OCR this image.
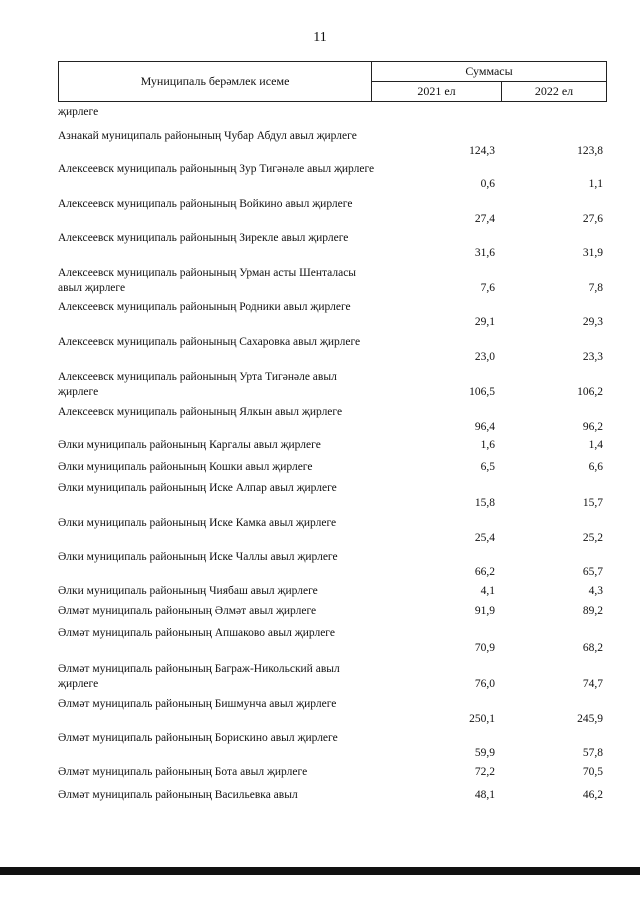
11
Муниципаль берәмлек исеме
Суммасы
2021 ел	2022 ел
җирлеге
Азнакай муниципаль районының Чубар Абдул авыл җирлеге
124,3	123,8
Алексеевск муниципаль районының Зур Тигәнәле авыл җирлеге
0,6	1,1
Алексеевск муниципаль районының Войкино авыл җирлеге
27,4	27,6
Алексеевск муниципаль районының Зирекле авыл җирлеге
31,6	31,9
Алексеевск муниципаль районының Урман асты Шенталасы авыл җирлеге	7,6	7,8
Алексеевск муниципаль районының Родники авыл җирлеге
29,1	29,3
Алексеевск муниципаль районының Сахаровка авыл җирлеге
23,0	23,3
Алексеевск муниципаль районының Урта Тигәнәле авыл җирлеге	106,5	106,2
Алексеевск муниципаль районының Ялкын авыл җирлеге
96,4	96,2
Әлки муниципаль районының Каргалы авыл җирлеге	1,6	1,4
Әлки муниципаль районының Кошки авыл җирлеге	6,5	6,6
Әлки муниципаль районының Иске Алпар авыл җирлеге
15,8	15,7
Әлки муниципаль районының Иске Камка авыл җирлеге
25,4	25,2
Әлки муниципаль районының Иске Чаллы авыл җирлеге
66,2	65,7
Әлки муниципаль районының Чиябаш авыл җирлеге	4,1	4,3
Әлмәт муниципаль районының Әлмәт авыл җирлеге	91,9	89,2
Әлмәт муниципаль районының Апшаково авыл җирлеге
70,9	68,2
Әлмәт муниципаль районының Баграж-Никольский авыл җирлеге	76,0	74,7
Әлмәт муниципаль районының Бишмунча авыл җирлеге
250,1	245,9
Әлмәт муниципаль районының Борискино авыл җирлеге
59,9	57,8
Әлмәт муниципаль районының Бота авыл җирлеге	72,2	70,5
Әлмәт муниципаль районының Васильевка авыл	48,1	46,2
